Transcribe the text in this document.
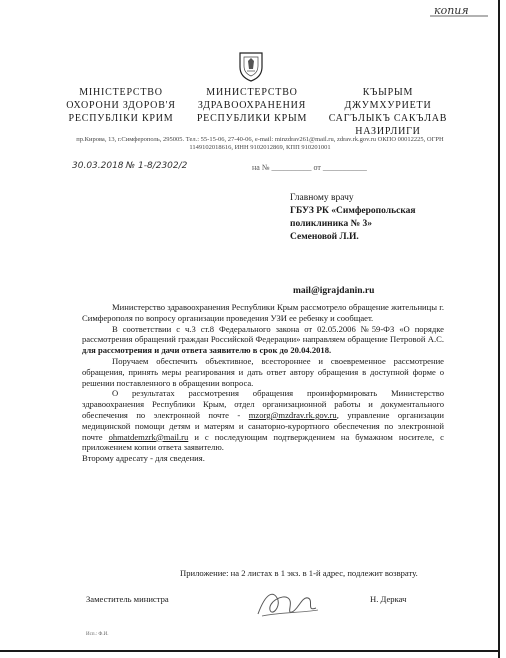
копия
МІНІСТЕРСТВО
ОХОРОНИ ЗДОРОВ'Я
РЕСПУБЛІКИ КРИМ
МИНИСТЕРСТВО
ЗДРАВООХРАНЕНИЯ
РЕСПУБЛИКИ КРЫМ
КЪЫРЫМ
ДЖУМХУРИЕТИ
САГЪЛЫКЪ САКЪЛАВ
НАЗИРЛИГИ
пр.Кирова, 13, г.Симферополь, 295005. Тел.: 55-15-06, 27-40-06, e-mail: minzdrav261@mail.ru, zdrav.rk.gov.ru ОКПО 00012225, ОГРН 1149102018616, ИНН 9102012869, КПП 910201001
30.03.2018 № 1-8/2302/2	на № __________ от ___________
Главному врачу
ГБУЗ РК «Симферопольская
поликлиника № 3»
Семеновой Л.И.
mail@igrajdanin.ru

Министерство здравоохранения Республики Крым рассмотрело обращение жительницы г. Симферополя по вопросу организации проведения УЗИ ее ребенку и сообщает.

В соответствии с ч.3 ст.8 Федерального закона от 02.05.2006 №59-ФЗ «О порядке рассмотрения обращений граждан Российской Федерации» направляем обращение Петровой А.С. для рассмотрения и дачи ответа заявителю в срок до 20.04.2018.

Поручаем обеспечить объективное, всестороннее и своевременное рассмотрение обращения, принять меры реагирования и дать ответ автору обращения в доступной форме о решении поставленного в обращении вопроса.

О результатах рассмотрения обращения проинформировать Министерство здравоохранения Республики Крым, отдел организационной работы и документального обеспечения по электронной почте - mzorg@mzdrav.rk.gov.ru, управление организации медицинской помощи детям и матерям и санаторно-курортного обеспечения по электронной почте ohmatdemzrk@mail.ru и с последующим подтверждением на бумажном носителе, с приложением копии ответа заявителю.

Второму адресату - для сведения.

Приложение: на 2 листах в 1 экз. в 1-й адрес, подлежит возврату.
Заместитель министра	Н. Деркач
Исп.: Ф.И.
